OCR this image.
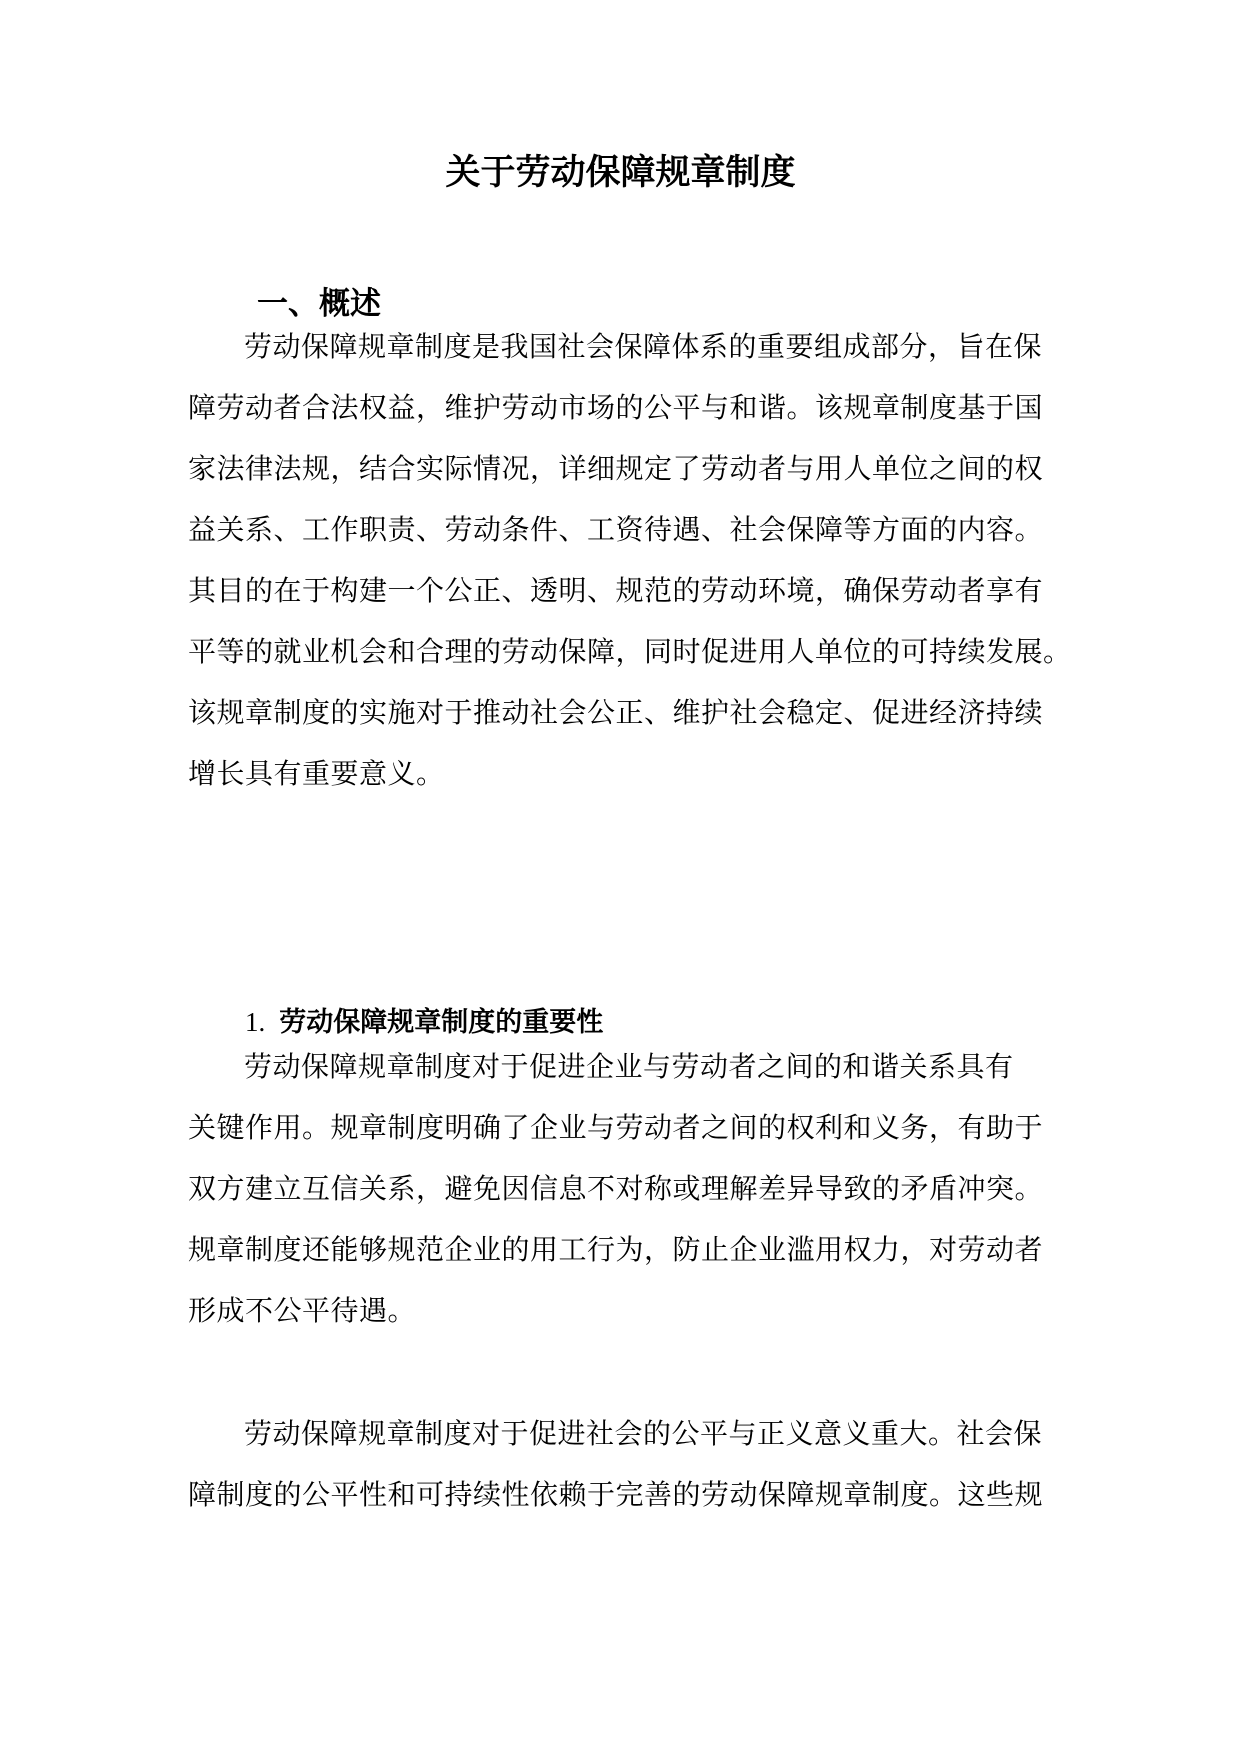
关于劳动保障规章制度
一、概述
劳动保障规章制度是我国社会保障体系的重要组成部分，旨在保
障劳动者合法权益，维护劳动市场的公平与和谐。该规章制度基于国
家法律法规，结合实际情况，详细规定了劳动者与用人单位之间的权
益关系、工作职责、劳动条件、工资待遇、社会保障等方面的内容。
其目的在于构建一个公正、透明、规范的劳动环境，确保劳动者享有
平等的就业机会和合理的劳动保障，同时促进用人单位的可持续发展。
该规章制度的实施对于推动社会公正、维护社会稳定、促进经济持续
增长具有重要意义。
1. 劳动保障规章制度的重要性
劳动保障规章制度对于促进企业与劳动者之间的和谐关系具有
关键作用。规章制度明确了企业与劳动者之间的权利和义务，有助于
双方建立互信关系，避免因信息不对称或理解差异导致的矛盾冲突。
规章制度还能够规范企业的用工行为，防止企业滥用权力，对劳动者
形成不公平待遇。
劳动保障规章制度对于促进社会的公平与正义意义重大。社会保
障制度的公平性和可持续性依赖于完善的劳动保障规章制度。这些规
